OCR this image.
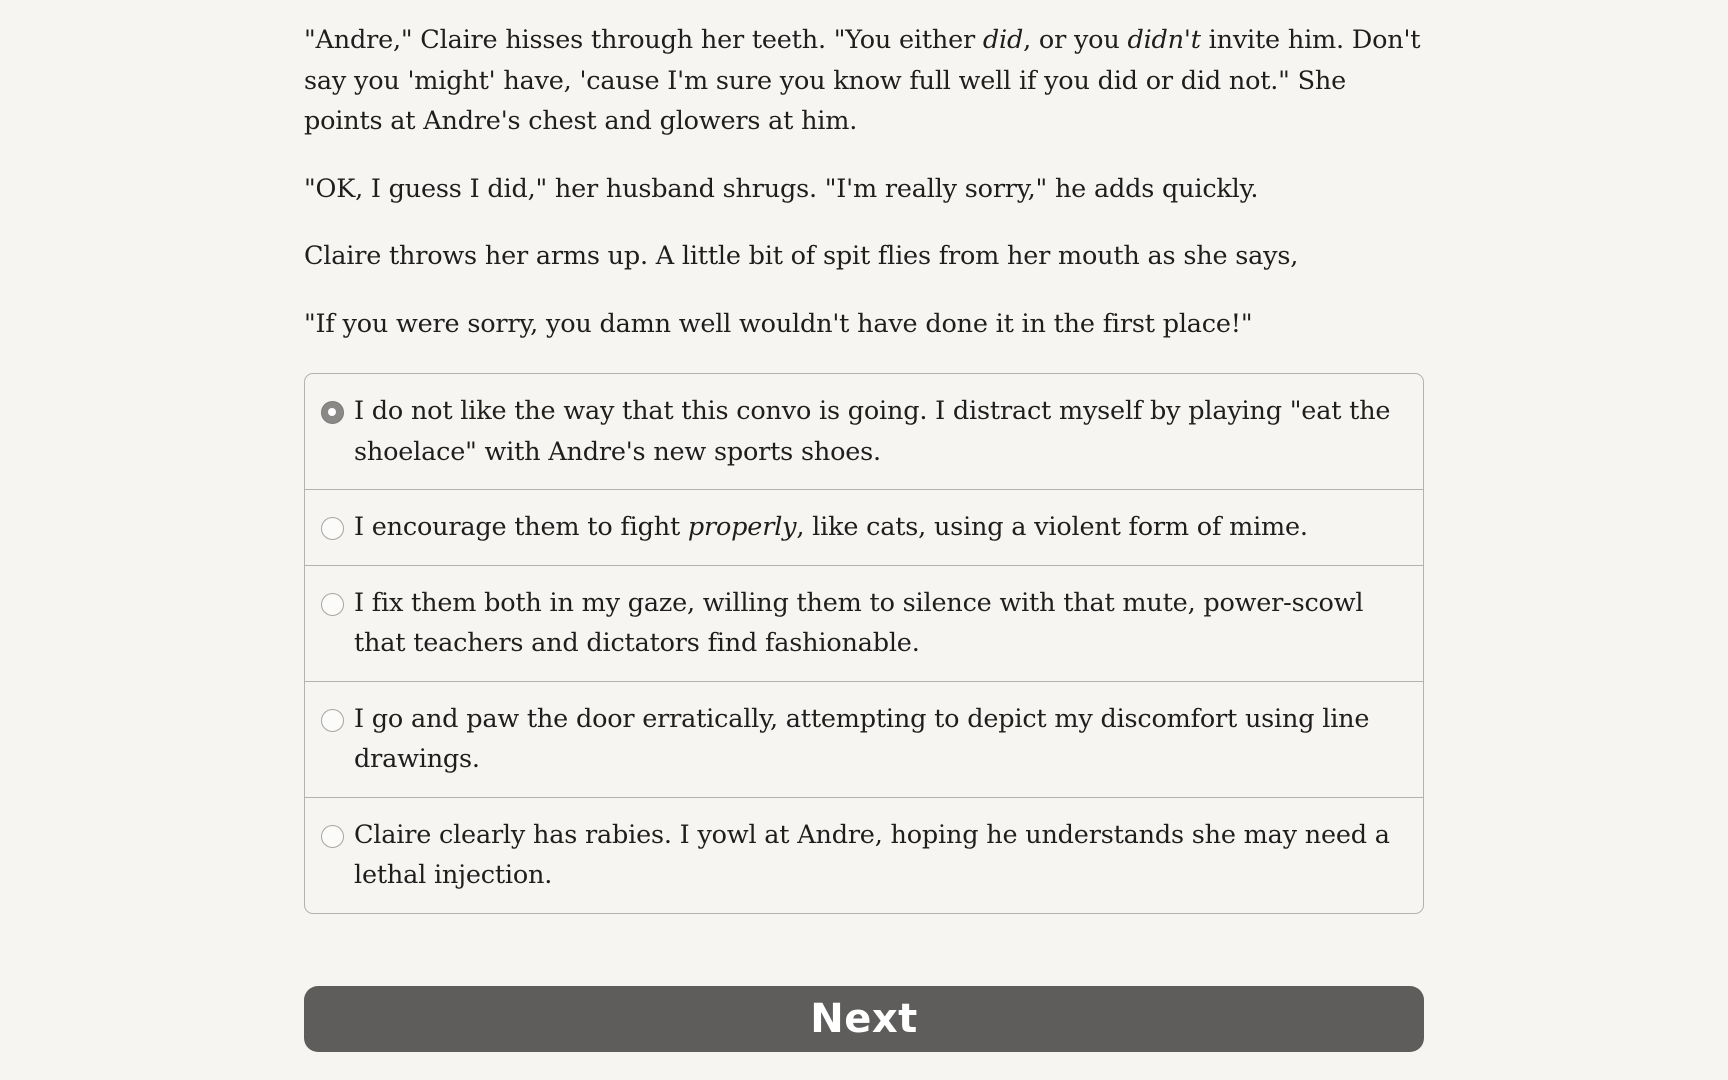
"Andre," Claire hisses through her teeth. "You either did, or you didn't invite him. Don't say you 'might' have, 'cause I'm sure you know full well if you did or did not." She points at Andre's chest and glowers at him.

"OK, I guess I did," her husband shrugs. "I'm really sorry," he adds quickly.

Claire throws her arms up. A little bit of spit flies from her mouth as she says,

"If you were sorry, you damn well wouldn't have done it in the first place!"

I do not like the way that this convo is going. I distract myself by playing "eat the shoelace" with Andre's new sports shoes.
I encourage them to fight properly, like cats, using a violent form of mime.
I fix them both in my gaze, willing them to silence with that mute, power-scowl that teachers and dictators find fashionable.
I go and paw the door erratically, attempting to depict my discomfort using line drawings.
Claire clearly has rabies. I yowl at Andre, hoping he understands she may need a lethal injection.
Next
